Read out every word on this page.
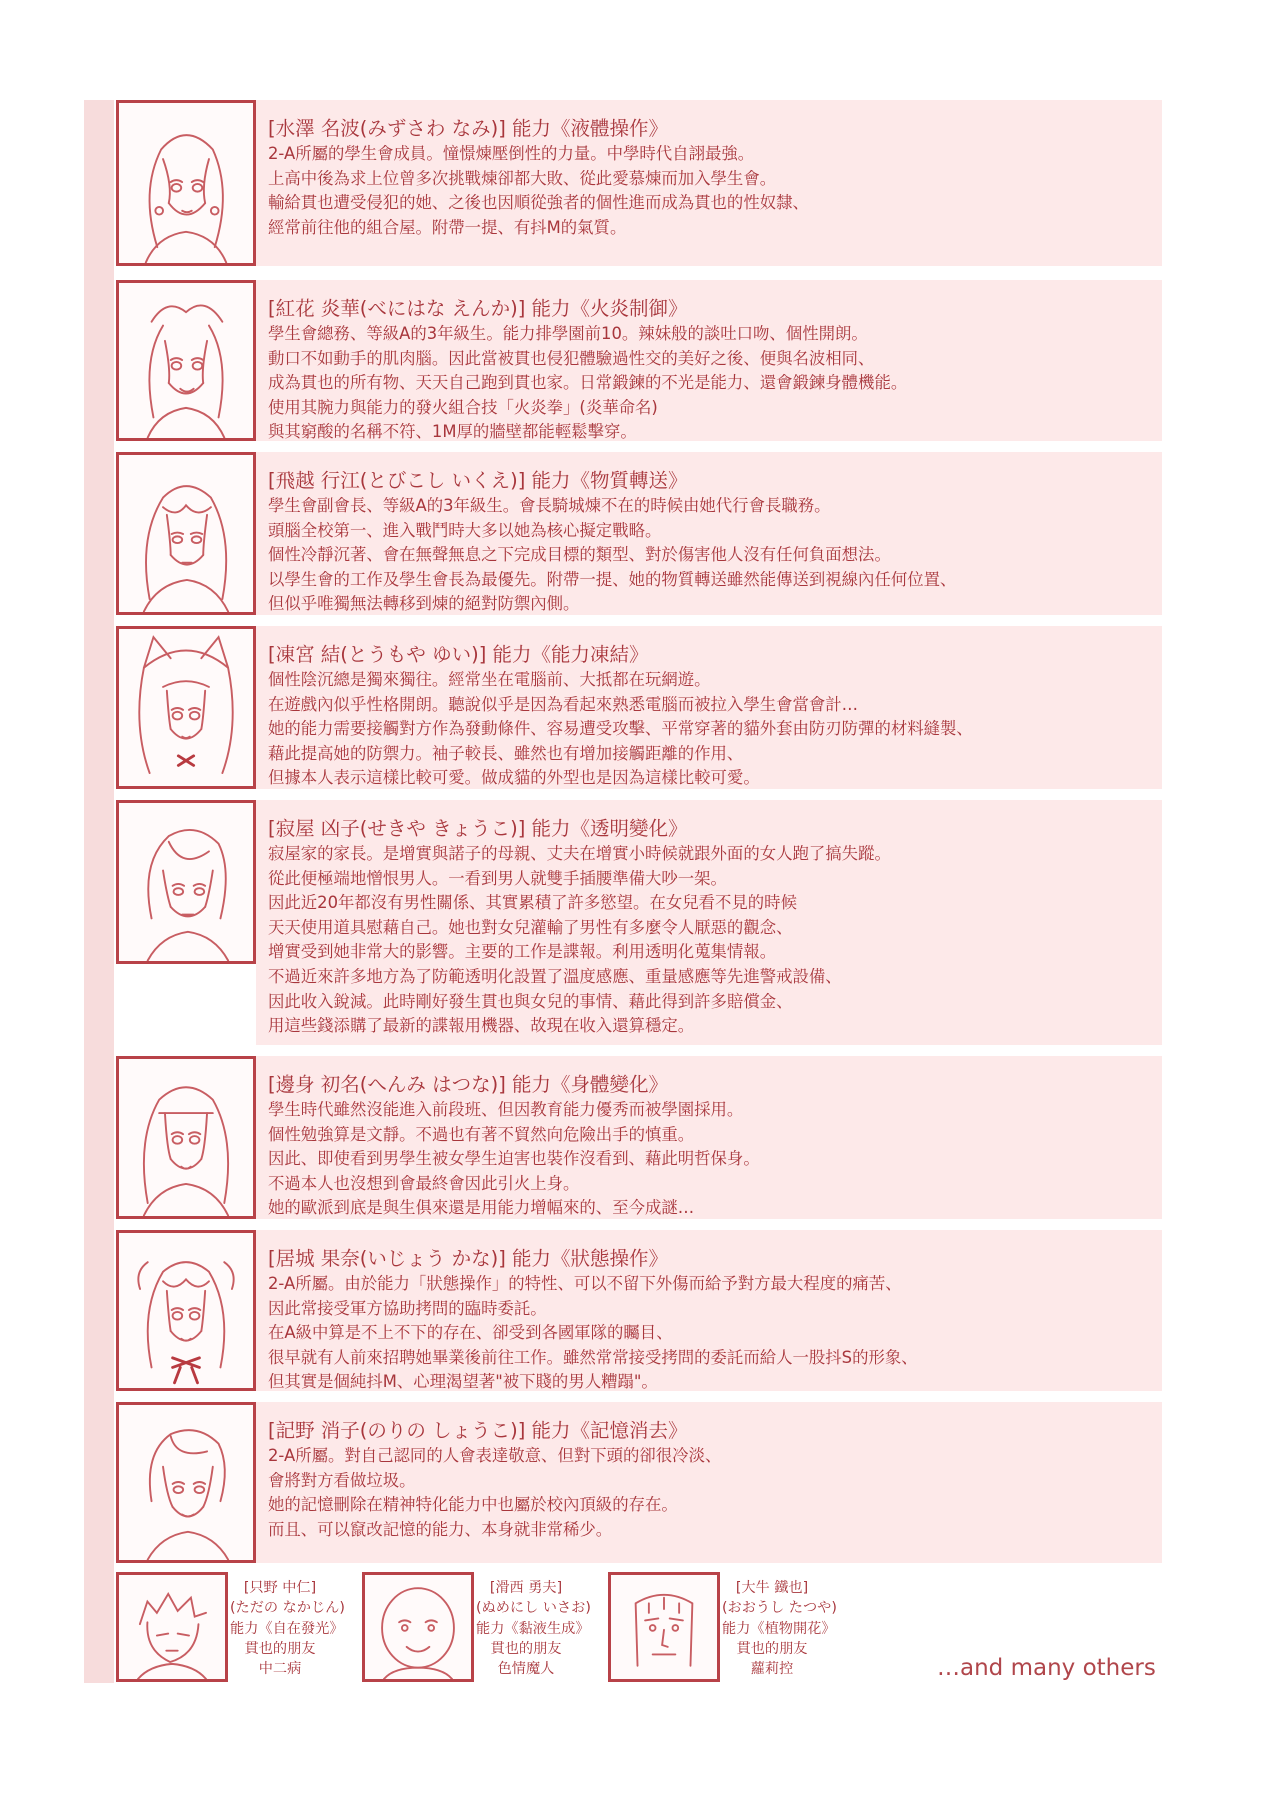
[水澤 名波(みずさわ なみ)] 能力《液體操作》

2-A所屬的學生會成員。憧憬煉壓倒性的力量。中學時代自詡最強。

上高中後為求上位曾多次挑戰煉卻都大敗、從此愛慕煉而加入學生會。

輸給貫也遭受侵犯的她、之後也因順從強者的個性進而成為貫也的性奴隸、

經常前往他的組合屋。附帶一提、有抖M的氣質。

[紅花 炎華(べにはな えんか)] 能力《火炎制御》

學生會總務、等級A的3年級生。能力排學園前10。辣妹般的談吐口吻、個性開朗。

動口不如動手的肌肉腦。因此當被貫也侵犯體驗過性交的美好之後、便與名波相同、

成為貫也的所有物、天天自己跑到貫也家。日常鍛鍊的不光是能力、還會鍛鍊身體機能。

使用其腕力與能力的發火組合技「火炎拳」(炎華命名)

與其窮酸的名稱不符、1M厚的牆壁都能輕鬆擊穿。

[飛越 行江(とびこし いくえ)] 能力《物質轉送》

學生會副會長、等級A的3年級生。會長騎城煉不在的時候由她代行會長職務。

頭腦全校第一、進入戰鬥時大多以她為核心擬定戰略。

個性冷靜沉著、會在無聲無息之下完成目標的類型、對於傷害他人沒有任何負面想法。

以學生會的工作及學生會長為最優先。附帶一提、她的物質轉送雖然能傳送到視線內任何位置、

但似乎唯獨無法轉移到煉的絕對防禦內側。

[凍宮 結(とうもや ゆい)] 能力《能力凍結》

個性陰沉總是獨來獨往。經常坐在電腦前、大抵都在玩網遊。

在遊戲內似乎性格開朗。聽說似乎是因為看起來熟悉電腦而被拉入學生會當會計…

她的能力需要接觸對方作為發動條件、容易遭受攻擊、平常穿著的貓外套由防刃防彈的材料縫製、

藉此提高她的防禦力。袖子較長、雖然也有增加接觸距離的作用、

但據本人表示這樣比較可愛。做成貓的外型也是因為這樣比較可愛。

[寂屋 凶子(せきや きょうこ)] 能力《透明變化》

寂屋家的家長。是增實與諾子的母親、丈夫在增實小時候就跟外面的女人跑了搞失蹤。

從此便極端地憎恨男人。一看到男人就雙手插腰準備大吵一架。

因此近20年都沒有男性關係、其實累積了許多慾望。在女兒看不見的時候

天天使用道具慰藉自己。她也對女兒灌輸了男性有多麼令人厭惡的觀念、

增實受到她非常大的影響。主要的工作是諜報。利用透明化蒐集情報。

不過近來許多地方為了防範透明化設置了溫度感應、重量感應等先進警戒設備、

因此收入銳減。此時剛好發生貫也與女兒的事情、藉此得到許多賠償金、

用這些錢添購了最新的諜報用機器、故現在收入還算穩定。

[邊身 初名(へんみ はつな)] 能力《身體變化》

學生時代雖然沒能進入前段班、但因教育能力優秀而被學園採用。

個性勉強算是文靜。不過也有著不貿然向危險出手的慎重。

因此、即使看到男學生被女學生迫害也裝作沒看到、藉此明哲保身。

不過本人也沒想到會最終會因此引火上身。

她的歐派到底是與生俱來還是用能力增幅來的、至今成謎…

[居城 果奈(いじょう かな)] 能力《狀態操作》

2-A所屬。由於能力「狀態操作」的特性、可以不留下外傷而給予對方最大程度的痛苦、

因此常接受軍方協助拷問的臨時委託。

在A級中算是不上不下的存在、卻受到各國軍隊的矚目、

很早就有人前來招聘她畢業後前往工作。雖然常常接受拷問的委託而給人一股抖S的形象、

但其實是個純抖M、心理渴望著"被下賤的男人糟蹋"。

[記野 消子(のりの しょうこ)] 能力《記憶消去》

2-A所屬。對自己認同的人會表達敬意、但對下頭的卻很冷淡、

會將對方看做垃圾。

她的記憶刪除在精神特化能力中也屬於校內頂級的存在。

而且、可以竄改記憶的能力、本身就非常稀少。

[只野 中仁]
(ただの なかじん)
能力《自在發光》
貫也的朋友
中二病
[滑西 勇夫]
(ぬめにし いさお)
能力《黏液生成》
貫也的朋友
色情魔人
[大牛 鐵也]
(おおうし たつや)
能力《植物開花》
貫也的朋友
蘿莉控	…and many others
